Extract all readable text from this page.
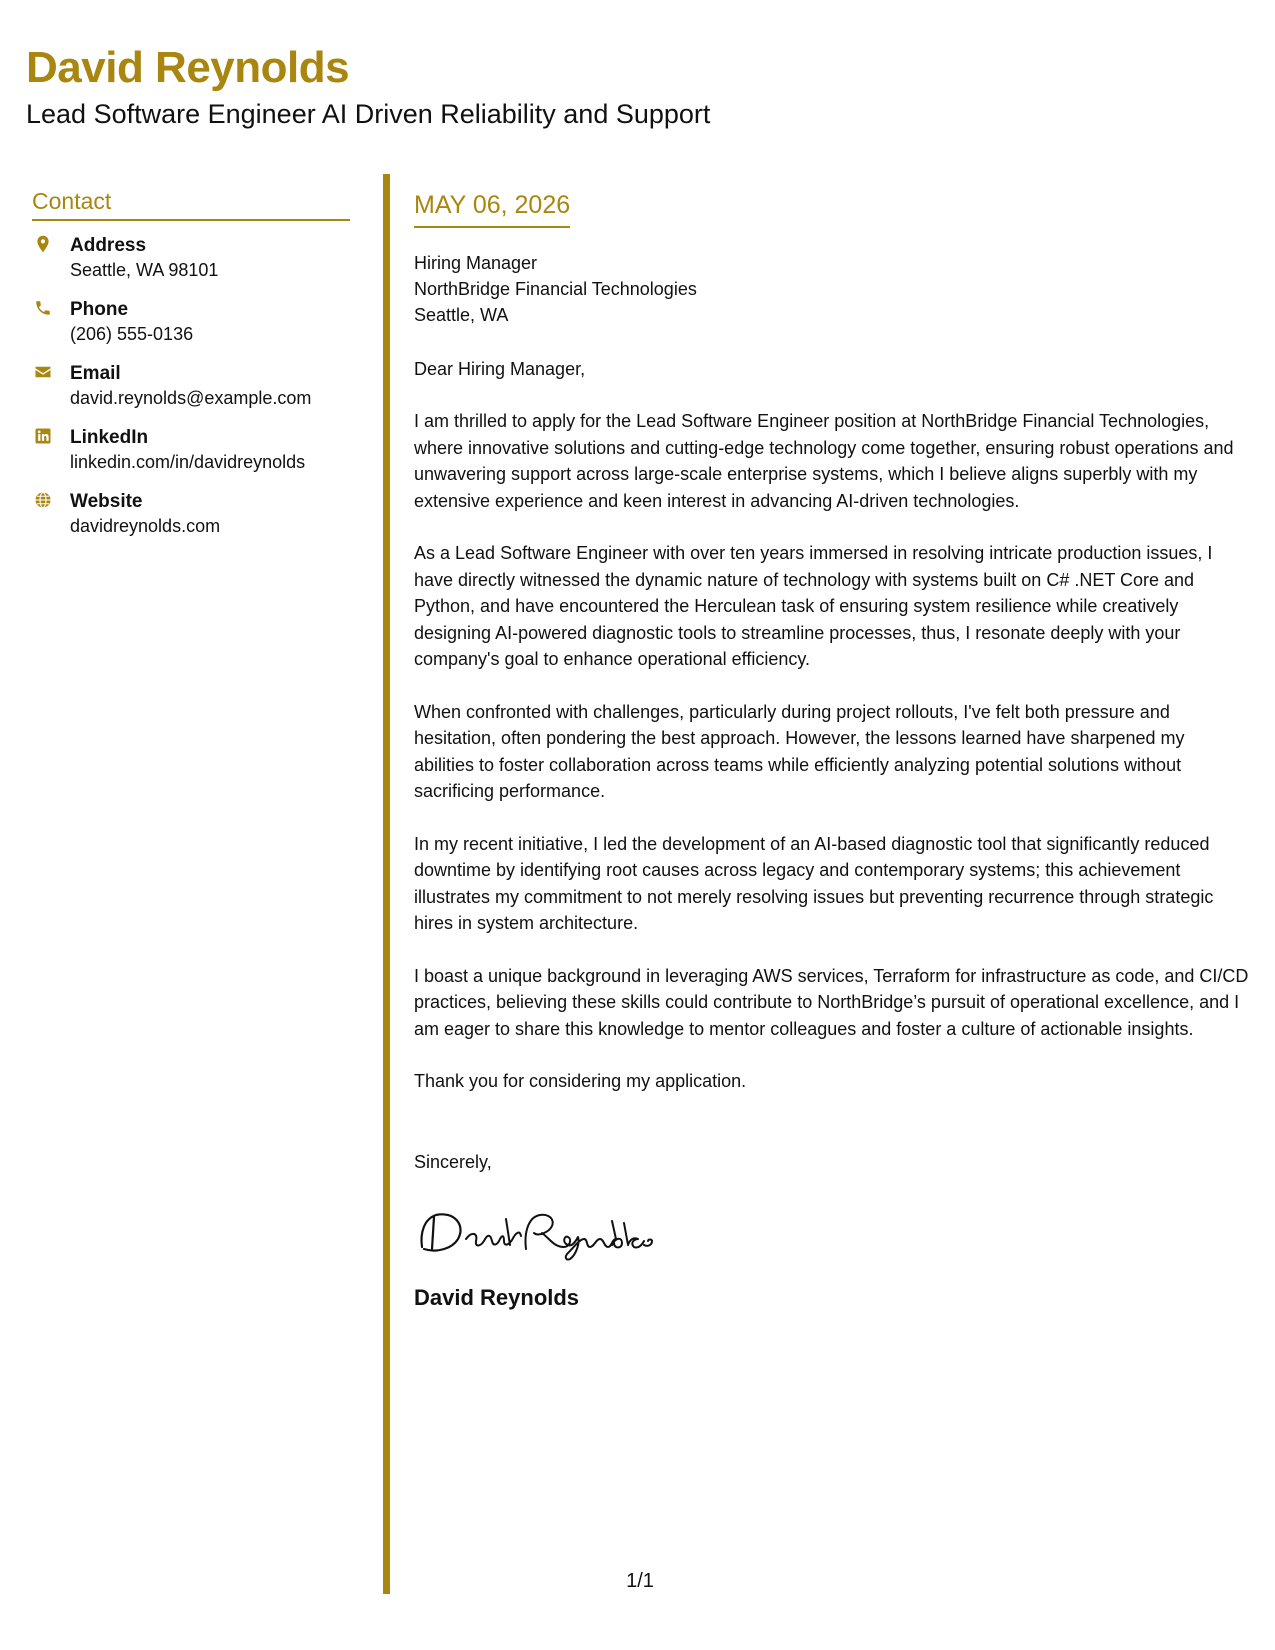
David Reynolds
Lead Software Engineer AI Driven Reliability and Support
Contact
Address
Seattle, WA 98101
Phone
(206) 555-0136
Email
david.reynolds@example.com
LinkedIn
linkedin.com/in/davidreynolds
Website
davidreynolds.com
MAY 06, 2026
Hiring Manager
NorthBridge Financial Technologies
Seattle, WA
Dear Hiring Manager,
I am thrilled to apply for the Lead Software Engineer position at NorthBridge Financial Technologies, where innovative solutions and cutting-edge technology come together, ensuring robust operations and unwavering support across large-scale enterprise systems, which I believe aligns superbly with my extensive experience and keen interest in advancing AI-driven technologies.
As a Lead Software Engineer with over ten years immersed in resolving intricate production issues, I have directly witnessed the dynamic nature of technology with systems built on C# .NET Core and Python, and have encountered the Herculean task of ensuring system resilience while creatively designing AI-powered diagnostic tools to streamline processes, thus, I resonate deeply with your company's goal to enhance operational efficiency.
When confronted with challenges, particularly during project rollouts, I've felt both pressure and hesitation, often pondering the best approach. However, the lessons learned have sharpened my abilities to foster collaboration across teams while efficiently analyzing potential solutions without sacrificing performance.
In my recent initiative, I led the development of an AI-based diagnostic tool that significantly reduced downtime by identifying root causes across legacy and contemporary systems; this achievement illustrates my commitment to not merely resolving issues but preventing recurrence through strategic hires in system architecture.
I boast a unique background in leveraging AWS services, Terraform for infrastructure as code, and CI/CD practices, believing these skills could contribute to NorthBridge’s pursuit of operational excellence, and I am eager to share this knowledge to mentor colleagues and foster a culture of actionable insights.
Thank you for considering my application.
Sincerely,
David Reynolds
1/1
